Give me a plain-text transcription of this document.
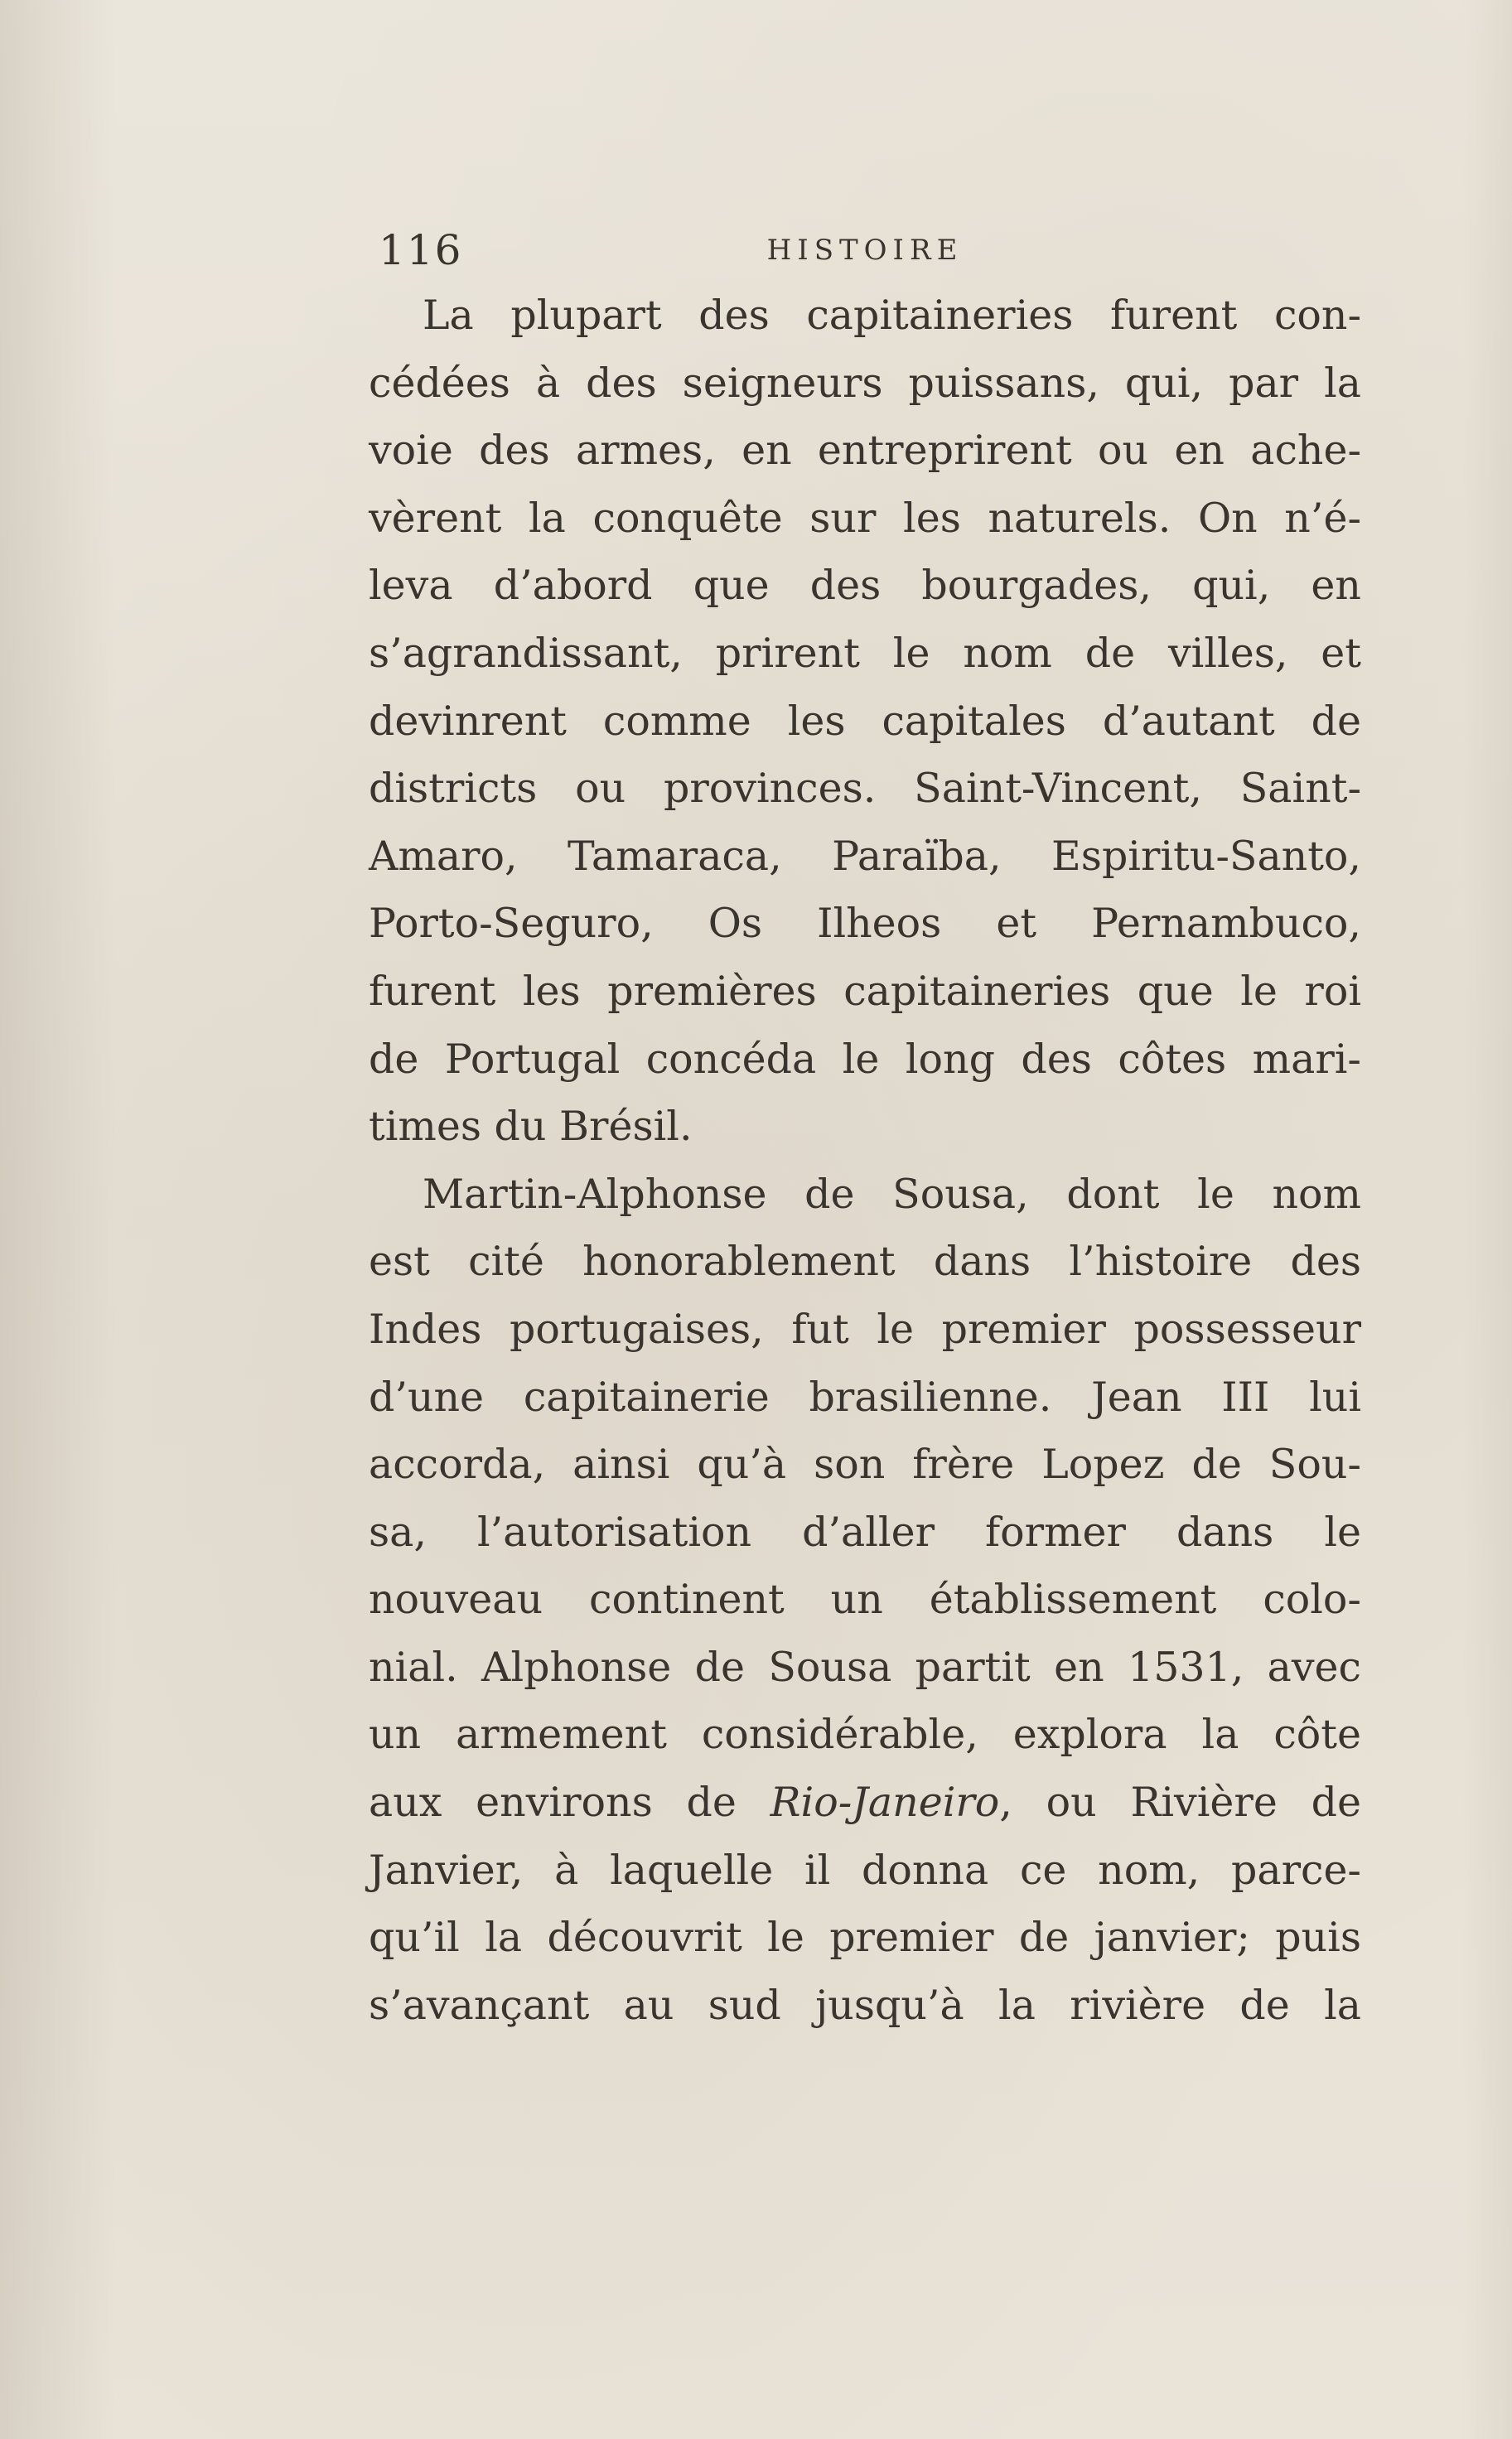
116	HISTOIRE
La plupart des capitaineries furent con-
cédées à des seigneurs puissans, qui, par la
voie des armes, en entreprirent ou en ache-
vèrent la conquête sur les naturels. On n’é-
leva d’abord que des bourgades, qui, en
s’agrandissant, prirent le nom de villes, et
devinrent comme les capitales d’autant de
districts ou provinces. Saint-Vincent, Saint-
Amaro, Tamaraca, Paraïba, Espiritu-Santo,
Porto-Seguro, Os Ilheos et Pernambuco,
furent les premières capitaineries que le roi
de Portugal concéda le long des côtes mari-
times du Brésil.
Martin-Alphonse de Sousa, dont le nom
est cité honorablement dans l’histoire des
Indes portugaises, fut le premier possesseur
d’une capitainerie brasilienne. Jean III lui
accorda, ainsi qu’à son frère Lopez de Sou-
sa, l’autorisation d’aller former dans le
nouveau continent un établissement colo-
nial. Alphonse de Sousa partit en 1531, avec
un armement considérable, explora la côte
aux environs de Rio-Janeiro, ou Rivière de
Janvier, à laquelle il donna ce nom, parce-
qu’il la découvrit le premier de janvier; puis
s’avançant au sud jusqu’à la rivière de la
